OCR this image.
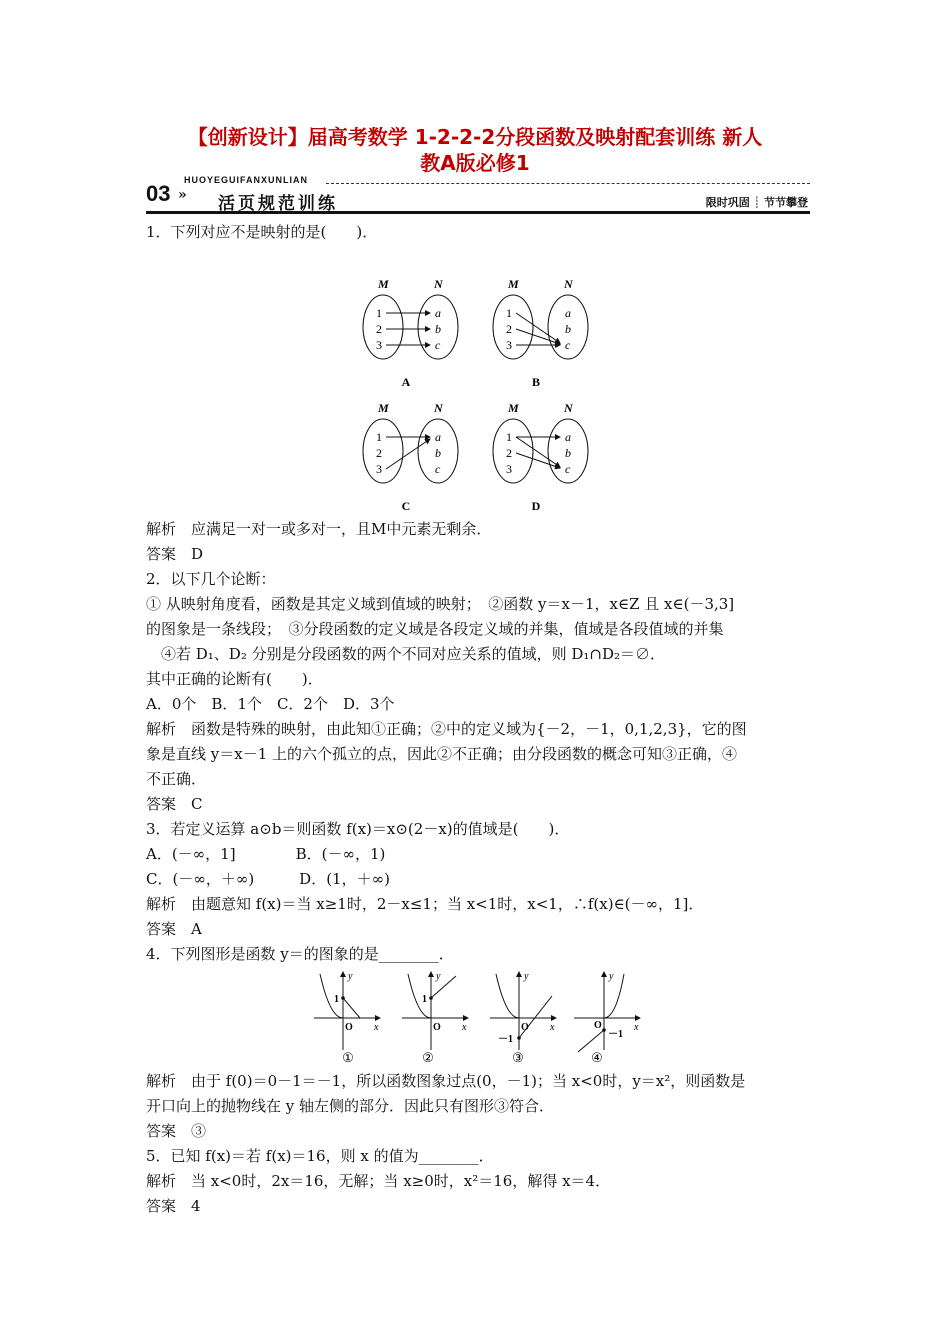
【创新设计】届高考数学 1-2-2-2分段函数及映射配套训练 新人
教A版必修1
03 »
HUOYEGUIFANXUNLIAN
活页规范训练	限时巩固 ┊ 节节攀登
1．下列对应不是映射的是(　　)．
M	N
1
2
3
a
b
c
A
M	N
1
2
3
a
b
c
B
M	N
1
2
3
a
b
c
C
M	N
1
2
3
a
b
c
D
解析　应满足一对一或多对一，且M中元素无剩余．
答案　D
2．以下几个论断：
① 从映射角度看，函数是其定义域到值域的映射；　②函数 y＝x－1，x∈Z 且 x∈(－3,3]
的图象是一条线段；　③分段函数的定义域是各段定义域的并集，值域是各段值域的并集
　④若 D₁、D₂ 分别是分段函数的两个不同对应关系的值域，则 D₁∩D₂＝∅．
其中正确的论断有(　　)．
A．0个　B．1个　C．2个　D．3个
解析　函数是特殊的映射，由此知①正确；②中的定义域为{－2，－1，0,1,2,3}，它的图
象是直线 y＝x－1 上的六个孤立的点，因此②不正确；由分段函数的概念可知③正确，④
不正确．
答案　C
3．若定义运算 a⊙b＝则函数 f(x)＝x⊙(2－x)的值域是(　　)．
A．(－∞，1]　　　　B．(－∞，1)
C．(－∞，＋∞)　　　D．(1，＋∞)
解析　由题意知 f(x)＝当 x≥1时，2－x≤1；当 x<1时，x<1，∴f(x)∈(－∞，1]．
答案　A
4．下列图形是函数 y＝的图象的是________．
y
x
O
1
①
y
x
O
1
②
y
x
O
－1
③
y
x
O
－1
④
解析　由于 f(0)＝0－1＝－1，所以函数图象过点(0，－1)；当 x<0时，y＝x²，则函数是
开口向上的抛物线在 y 轴左侧的部分．因此只有图形③符合．
答案　③
5．已知 f(x)＝若 f(x)＝16，则 x 的值为________．
解析　当 x<0时，2x＝16，无解；当 x≥0时，x²＝16，解得 x＝4．
答案　4
